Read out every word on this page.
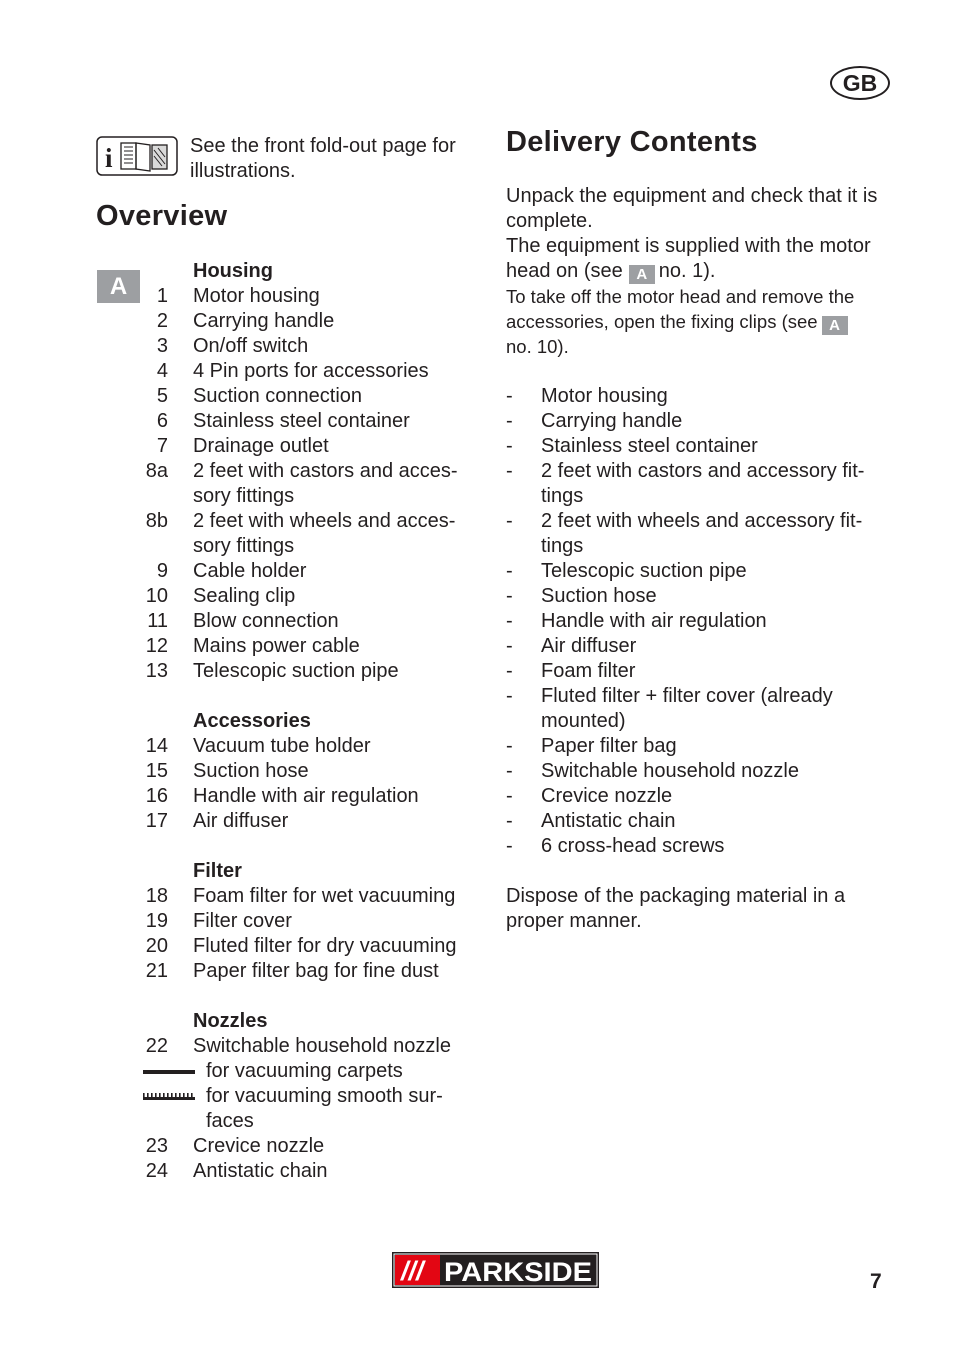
GB
i	See the front fold-out page for
illustrations.
Overview
A
Housing
1 Motor housing
2 Carrying handle
3 On/off switch
4 4 Pin ports for accessories
5 Suction connection
6 Stainless steel container
7 Drainage outlet
8a 2 feet with castors and acces-
sory fittings
8b 2 feet with wheels and acces-
sory fittings
9 Cable holder
10 Sealing clip
11 Blow connection
12 Mains power cable
13 Telescopic suction pipe
Accessories
14 Vacuum tube holder
15 Suction hose
16 Handle with air regulation
17 Air diffuser
Filter
18 Foam filter for wet vacuuming
19 Filter cover
20 Fluted filter for dry vacuuming
21 Paper filter bag for fine dust
Nozzles
22 Switchable household nozzle
for vacuuming carpets
for vacuuming smooth sur-
faces
23 Crevice nozzle
24 Antistatic chain
Delivery Contents
Unpack the equipment and check that it is
complete.
The equipment is supplied with the motor
head on (see A no. 1).
To take off the motor head and remove the
accessories, open the fixing clips (see A
no. 10).
- Motor housing
- Carrying handle
- Stainless steel container
- 2 feet with castors and accessory fit-
tings
- 2 feet with wheels and accessory fit-
tings
- Telescopic suction pipe
- Suction hose
- Handle with air regulation
- Air diffuser
- Foam filter
- Fluted filter + filter cover (already
mounted)
- Paper filter bag
- Switchable household nozzle
- Crevice nozzle
- Antistatic chain
- 6 cross-head screws
Dispose of the packaging material in a
proper manner.
/// PARKSIDE	7
